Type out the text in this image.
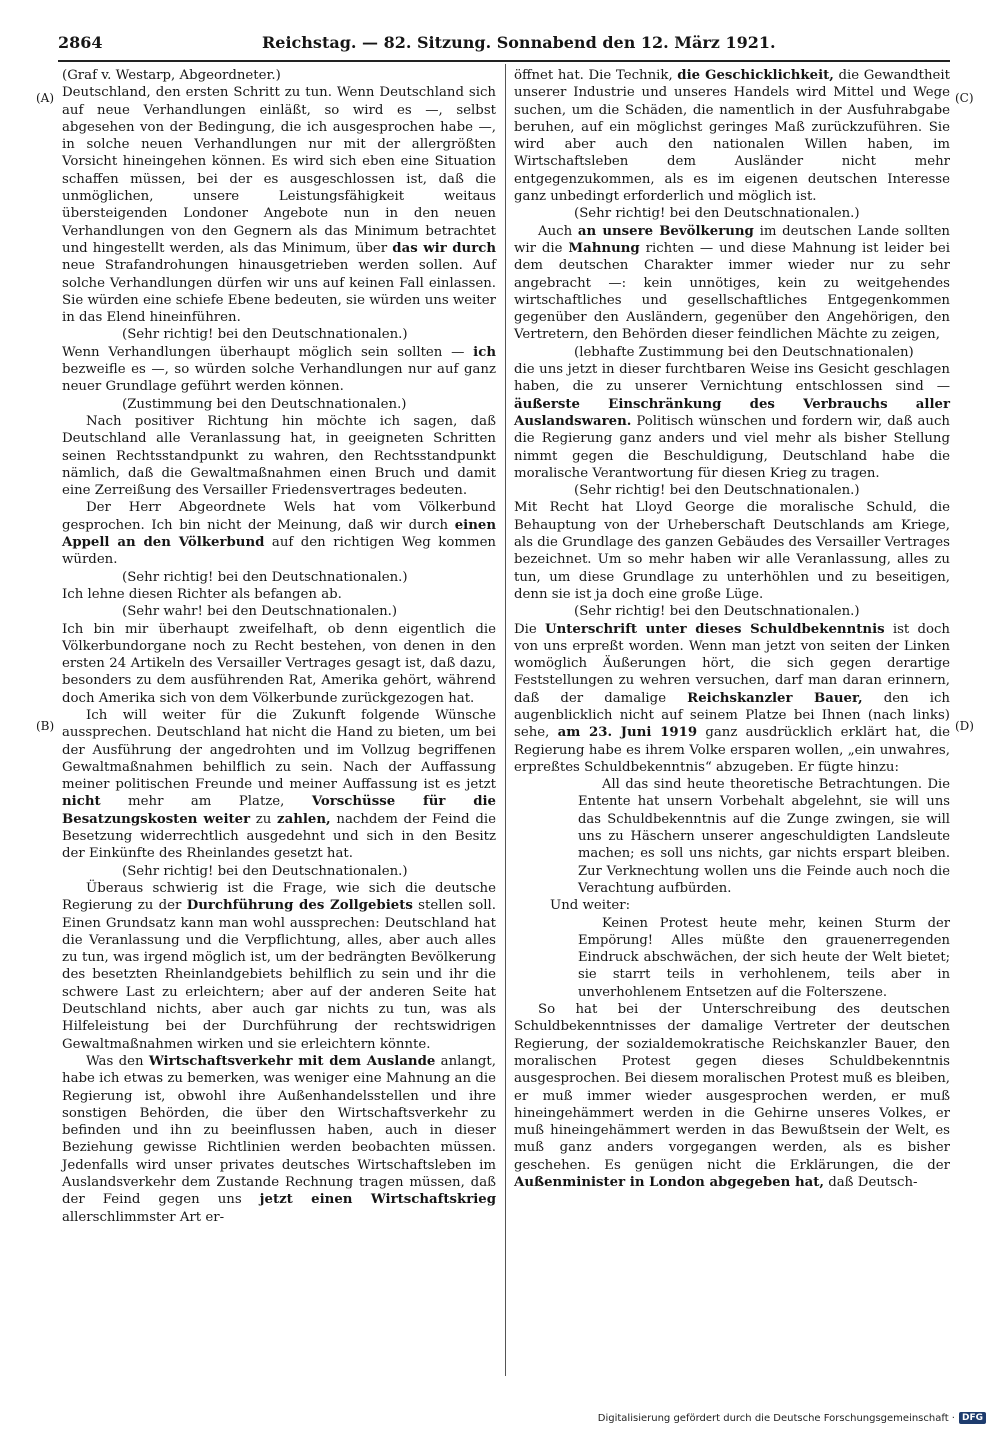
2864	Reichstag. — 82. Sitzung. Sonnabend den 12. März 1921.
(A)
(B)
(C)
(D)

(Graf v. Westarp, Abgeordneter.)

Deutschland, den ersten Schritt zu tun. Wenn Deutschland sich auf neue Verhandlungen einläßt, so wird es —, selbst abgesehen von der Bedingung, die ich ausgesprochen habe —, in solche neuen Verhandlungen nur mit der allergrößten Vorsicht hineingehen können. Es wird sich eben eine Situation schaffen müssen, bei der es ausgeschlossen ist, daß die unmöglichen, unsere Leistungsfähigkeit weitaus übersteigenden Londoner Angebote nun in den neuen Verhandlungen von den Gegnern als das Minimum betrachtet und hingestellt werden, als das Minimum, über das wir durch neue Strafandrohungen hinausgetrieben werden sollen. Auf solche Verhandlungen dürfen wir uns auf keinen Fall einlassen. Sie würden eine schiefe Ebene bedeuten, sie würden uns weiter in das Elend hineinführen.

(Sehr richtig! bei den Deutschnationalen.)

Wenn Verhandlungen überhaupt möglich sein sollten — ich bezweifle es —, so würden solche Verhandlungen nur auf ganz neuer Grundlage geführt werden können.

(Zustimmung bei den Deutschnationalen.)

Nach positiver Richtung hin möchte ich sagen, daß Deutschland alle Veranlassung hat, in geeigneten Schritten seinen Rechtsstandpunkt zu wahren, den Rechtsstandpunkt nämlich, daß die Gewaltmaßnahmen einen Bruch und damit eine Zerreißung des Versailler Friedensvertrages bedeuten.

Der Herr Abgeordnete Wels hat vom Völkerbund gesprochen. Ich bin nicht der Meinung, daß wir durch einen Appell an den Völkerbund auf den richtigen Weg kommen würden.

(Sehr richtig! bei den Deutschnationalen.)

Ich lehne diesen Richter als befangen ab.

(Sehr wahr! bei den Deutschnationalen.)

Ich bin mir überhaupt zweifelhaft, ob denn eigentlich die Völkerbundorgane noch zu Recht bestehen, von denen in den ersten 24 Artikeln des Versailler Vertrages gesagt ist, daß dazu, besonders zu dem ausführenden Rat, Amerika gehört, während doch Amerika sich von dem Völkerbunde zurückgezogen hat.

Ich will weiter für die Zukunft folgende Wünsche aussprechen. Deutschland hat nicht die Hand zu bieten, um bei der Ausführung der angedrohten und im Vollzug begriffenen Gewaltmaßnahmen behilflich zu sein. Nach der Auffassung meiner politischen Freunde und meiner Auffassung ist es jetzt nicht mehr am Platze, Vorschüsse für die Besatzungskosten weiter zu zahlen, nachdem der Feind die Besetzung widerrechtlich ausgedehnt und sich in den Besitz der Einkünfte des Rheinlandes gesetzt hat.

(Sehr richtig! bei den Deutschnationalen.)

Überaus schwierig ist die Frage, wie sich die deutsche Regierung zu der Durchführung des Zollgebiets stellen soll. Einen Grundsatz kann man wohl aussprechen: Deutschland hat die Veranlassung und die Verpflichtung, alles, aber auch alles zu tun, was irgend möglich ist, um der bedrängten Bevölkerung des besetzten Rheinlandgebiets behilflich zu sein und ihr die schwere Last zu erleichtern; aber auf der anderen Seite hat Deutschland nichts, aber auch gar nichts zu tun, was als Hilfeleistung bei der Durchführung der rechtswidrigen Gewaltmaßnahmen wirken und sie erleichtern könnte.

Was den Wirtschaftsverkehr mit dem Auslande anlangt, habe ich etwas zu bemerken, was weniger eine Mahnung an die Regierung ist, obwohl ihre Außenhandelsstellen und ihre sonstigen Behörden, die über den Wirtschaftsverkehr zu befinden und ihn zu beeinflussen haben, auch in dieser Beziehung gewisse Richtlinien werden beobachten müssen. Jedenfalls wird unser privates deutsches Wirtschaftsleben im Auslandsverkehr dem Zustande Rechnung tragen müssen, daß der Feind gegen uns jetzt einen Wirtschaftskrieg allerschlimmster Art er-

öffnet hat. Die Technik, die Geschicklichkeit, die Gewandtheit unserer Industrie und unseres Handels wird Mittel und Wege suchen, um die Schäden, die namentlich in der Ausfuhrabgabe beruhen, auf ein möglichst geringes Maß zurückzuführen. Sie wird aber auch den nationalen Willen haben, im Wirtschaftsleben dem Ausländer nicht mehr entgegenzukommen, als es im eigenen deutschen Interesse ganz unbedingt erforderlich und möglich ist.

(Sehr richtig! bei den Deutschnationalen.)

Auch an unsere Bevölkerung im deutschen Lande sollten wir die Mahnung richten — und diese Mahnung ist leider bei dem deutschen Charakter immer wieder nur zu sehr angebracht —: kein unnötiges, kein zu weitgehendes wirtschaftliches und gesellschaftliches Entgegenkommen gegenüber den Ausländern, gegenüber den Angehörigen, den Vertretern, den Behörden dieser feindlichen Mächte zu zeigen,

(lebhafte Zustimmung bei den Deutschnationalen)

die uns jetzt in dieser furchtbaren Weise ins Gesicht geschlagen haben, die zu unserer Vernichtung entschlossen sind — äußerste Einschränkung des Verbrauchs aller Auslandswaren. Politisch wünschen und fordern wir, daß auch die Regierung ganz anders und viel mehr als bisher Stellung nimmt gegen die Beschuldigung, Deutschland habe die moralische Verantwortung für diesen Krieg zu tragen.

(Sehr richtig! bei den Deutschnationalen.)

Mit Recht hat Lloyd George die moralische Schuld, die Behauptung von der Urheberschaft Deutschlands am Kriege, als die Grundlage des ganzen Gebäudes des Versailler Vertrages bezeichnet. Um so mehr haben wir alle Veranlassung, alles zu tun, um diese Grundlage zu unterhöhlen und zu beseitigen, denn sie ist ja doch eine große Lüge.

(Sehr richtig! bei den Deutschnationalen.)

Die Unterschrift unter dieses Schuldbekenntnis ist doch von uns erpreßt worden. Wenn man jetzt von seiten der Linken womöglich Äußerungen hört, die sich gegen derartige Feststellungen zu wehren versuchen, darf man daran erinnern, daß der damalige Reichskanzler Bauer, den ich augenblicklich nicht auf seinem Platze bei Ihnen (nach links) sehe, am 23. Juni 1919 ganz ausdrücklich erklärt hat, die Regierung habe es ihrem Volke ersparen wollen, „ein unwahres, erpreßtes Schuldbekenntnis“ abzugeben. Er fügte hinzu:

All das sind heute theoretische Betrachtungen. Die Entente hat unsern Vorbehalt abgelehnt, sie will uns das Schuldbekenntnis auf die Zunge zwingen, sie will uns zu Häschern unserer angeschuldigten Landsleute machen; es soll uns nichts, gar nichts erspart bleiben. Zur Verknechtung wollen uns die Feinde auch noch die Verachtung aufbürden.

Und weiter:

Keinen Protest heute mehr, keinen Sturm der Empörung! Alles müßte den grauenerregenden Eindruck abschwächen, der sich heute der Welt bietet; sie starrt teils in verhohlenem, teils aber in unverhohlenem Entsetzen auf die Folterszene.

So hat bei der Unterschreibung des deutschen Schuldbekenntnisses der damalige Vertreter der deutschen Regierung, der sozialdemokratische Reichskanzler Bauer, den moralischen Protest gegen dieses Schuldbekenntnis ausgesprochen. Bei diesem moralischen Protest muß es bleiben, er muß immer wieder ausgesprochen werden, er muß hineingehämmert werden in die Gehirne unseres Volkes, er muß hineingehämmert werden in das Bewußtsein der Welt, es muß ganz anders vorgegangen werden, als es bisher geschehen. Es genügen nicht die Erklärungen, die der Außenminister in London abgegeben hat, daß Deutsch-

Digitalisierung gefördert durch die Deutsche Forschungsgemeinschaft · DFG
